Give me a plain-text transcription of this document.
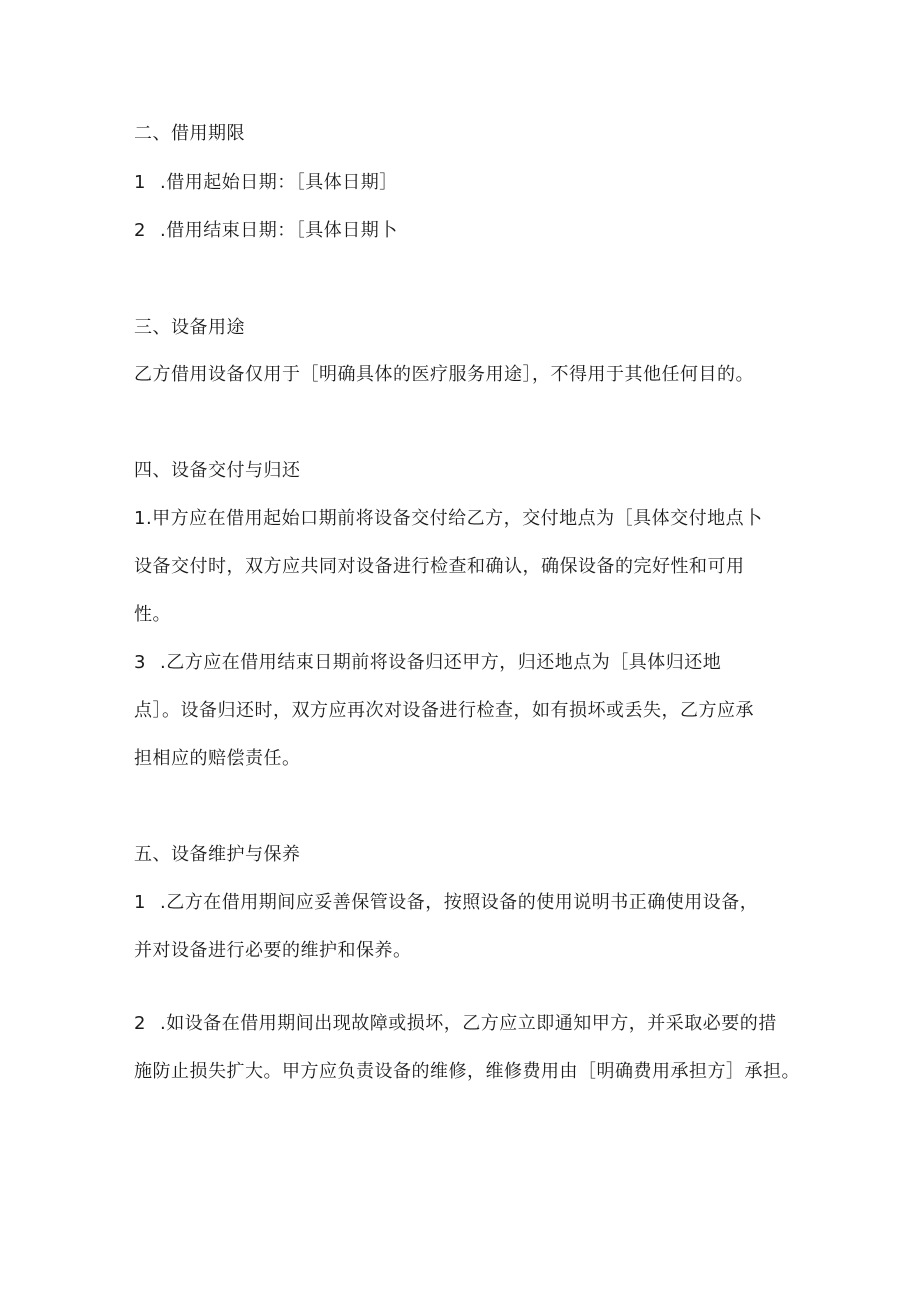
二、借用期限
1 .借用起始日期：［具体日期］
2 .借用结束日期：［具体日期卜
三、设备用途
乙方借用设备仅用于［明确具体的医疗服务用途］，不得用于其他任何目的。
四、设备交付与归还
1.甲方应在借用起始口期前将设备交付给乙方，交付地点为［具体交付地点卜
设备交付时，双方应共同对设备进行检查和确认，确保设备的完好性和可用
性。
3 .乙方应在借用结束日期前将设备归还甲方，归还地点为［具体归还地
点］。设备归还时，双方应再次对设备进行检查，如有损坏或丢失，乙方应承
担相应的赔偿责任。
五、设备维护与保养
1 .乙方在借用期间应妥善保管设备，按照设备的使用说明书正确使用设备，
并对设备进行必要的维护和保养。
2 .如设备在借用期间出现故障或损坏，乙方应立即通知甲方，并采取必要的措
施防止损失扩大。甲方应负责设备的维修，维修费用由［明确费用承担方］承担。
